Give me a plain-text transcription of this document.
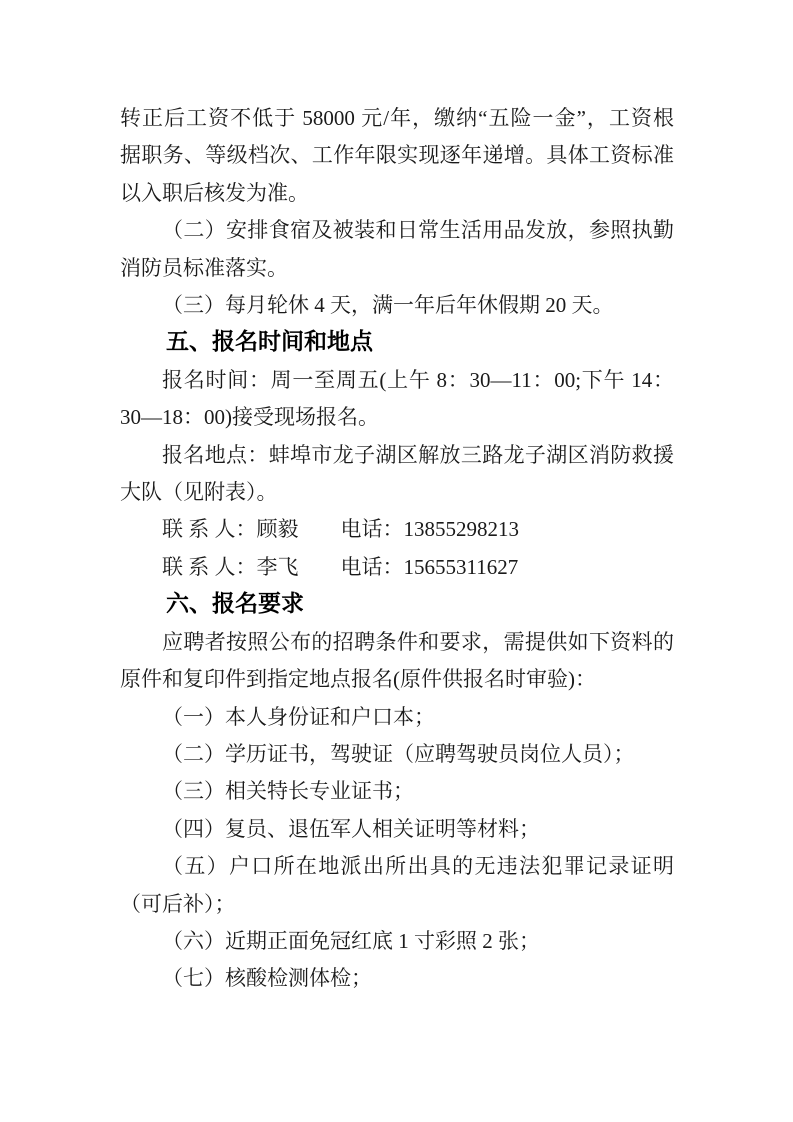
转正后工资不低于 58000 元/年，缴纳“五险一金”，工资根
据职务、等级档次、工作年限实现逐年递增。具体工资标准
以入职后核发为准。
（二）安排食宿及被装和日常生活用品发放，参照执勤
消防员标准落实。
（三）每月轮休 4 天，满一年后年休假期 20 天。
五、报名时间和地点
报名时间：周一至周五(上午 8：30—11：00;下午 14：
30—18：00)接受现场报名。
报名地点：蚌埠市龙子湖区解放三路龙子湖区消防救援
大队（见附表）。
联 系 人：顾毅　　电话：13855298213
联 系 人：李飞　　电话：15655311627
六、报名要求
应聘者按照公布的招聘条件和要求，需提供如下资料的
原件和复印件到指定地点报名(原件供报名时审验)：
（一）本人身份证和户口本；
（二）学历证书，驾驶证（应聘驾驶员岗位人员）；
（三）相关特长专业证书；
（四）复员、退伍军人相关证明等材料；
（五）户口所在地派出所出具的无违法犯罪记录证明
（可后补）；
（六）近期正面免冠红底 1 寸彩照 2 张；
（七）核酸检测体检；
